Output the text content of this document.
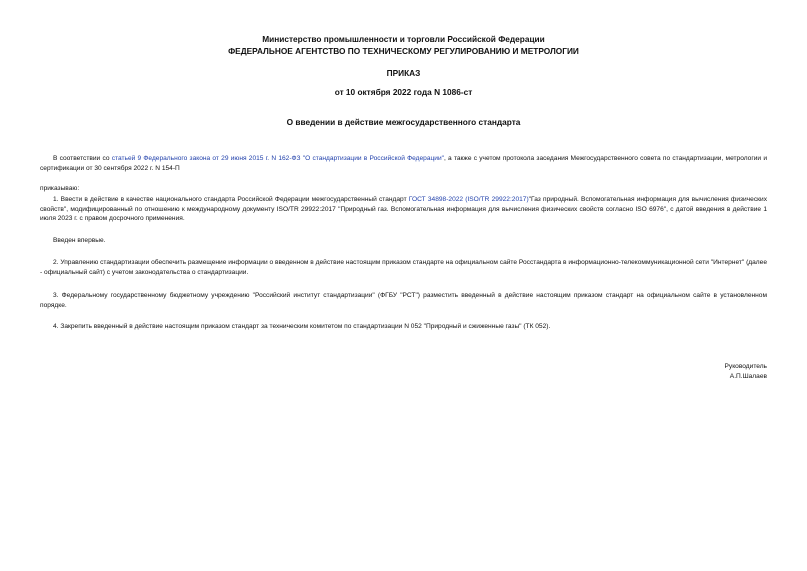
Министерство промышленности и торговли Российской Федерации
ФЕДЕРАЛЬНОЕ АГЕНТСТВО ПО ТЕХНИЧЕСКОМУ РЕГУЛИРОВАНИЮ И МЕТРОЛОГИИ
ПРИКАЗ
от 10 октября 2022 года N 1086-ст
О введении в действие межгосударственного стандарта

В соответствии со статьей 9 Федерального закона от 29 июня 2015 г. N 162-ФЗ "О стандартизации в Российской Федерации", а также с учетом протокола заседания Межгосударственного совета по стандартизации, метрологии и сертификации от 30 сентября 2022 г. N 154-П

приказываю:

1. Ввести в действие в качестве национального стандарта Российской Федерации межгосударственный стандарт ГОСТ 34898-2022 (ISO/TR 29922:2017)"Газ природный. Вспомогательная информация для вычисления физических свойств", модифицированный по отношению к международному документу ISO/TR 29922:2017 "Природный газ. Вспомогательная информация для вычисления физических свойств согласно ISO 6976", с датой введения в действие 1 июля 2023 г. с правом досрочного применения.

Введен впервые.

2. Управлению стандартизации обеспечить размещение информации о введенном в действие настоящим приказом стандарте на официальном сайте Росстандарта в информационно-телекоммуникационной сети "Интернет" (далее - официальный сайт) с учетом законодательства о стандартизации.

3. Федеральному государственному бюджетному учреждению "Российский институт стандартизации" (ФГБУ "РСТ") разместить введенный в действие настоящим приказом стандарт на официальном сайте в установленном порядке.

4. Закрепить введенный в действие настоящим приказом стандарт за техническим комитетом по стандартизации N 052 "Природный и сжиженные газы" (ТК 052).

Руководитель
А.П.Шалаев
